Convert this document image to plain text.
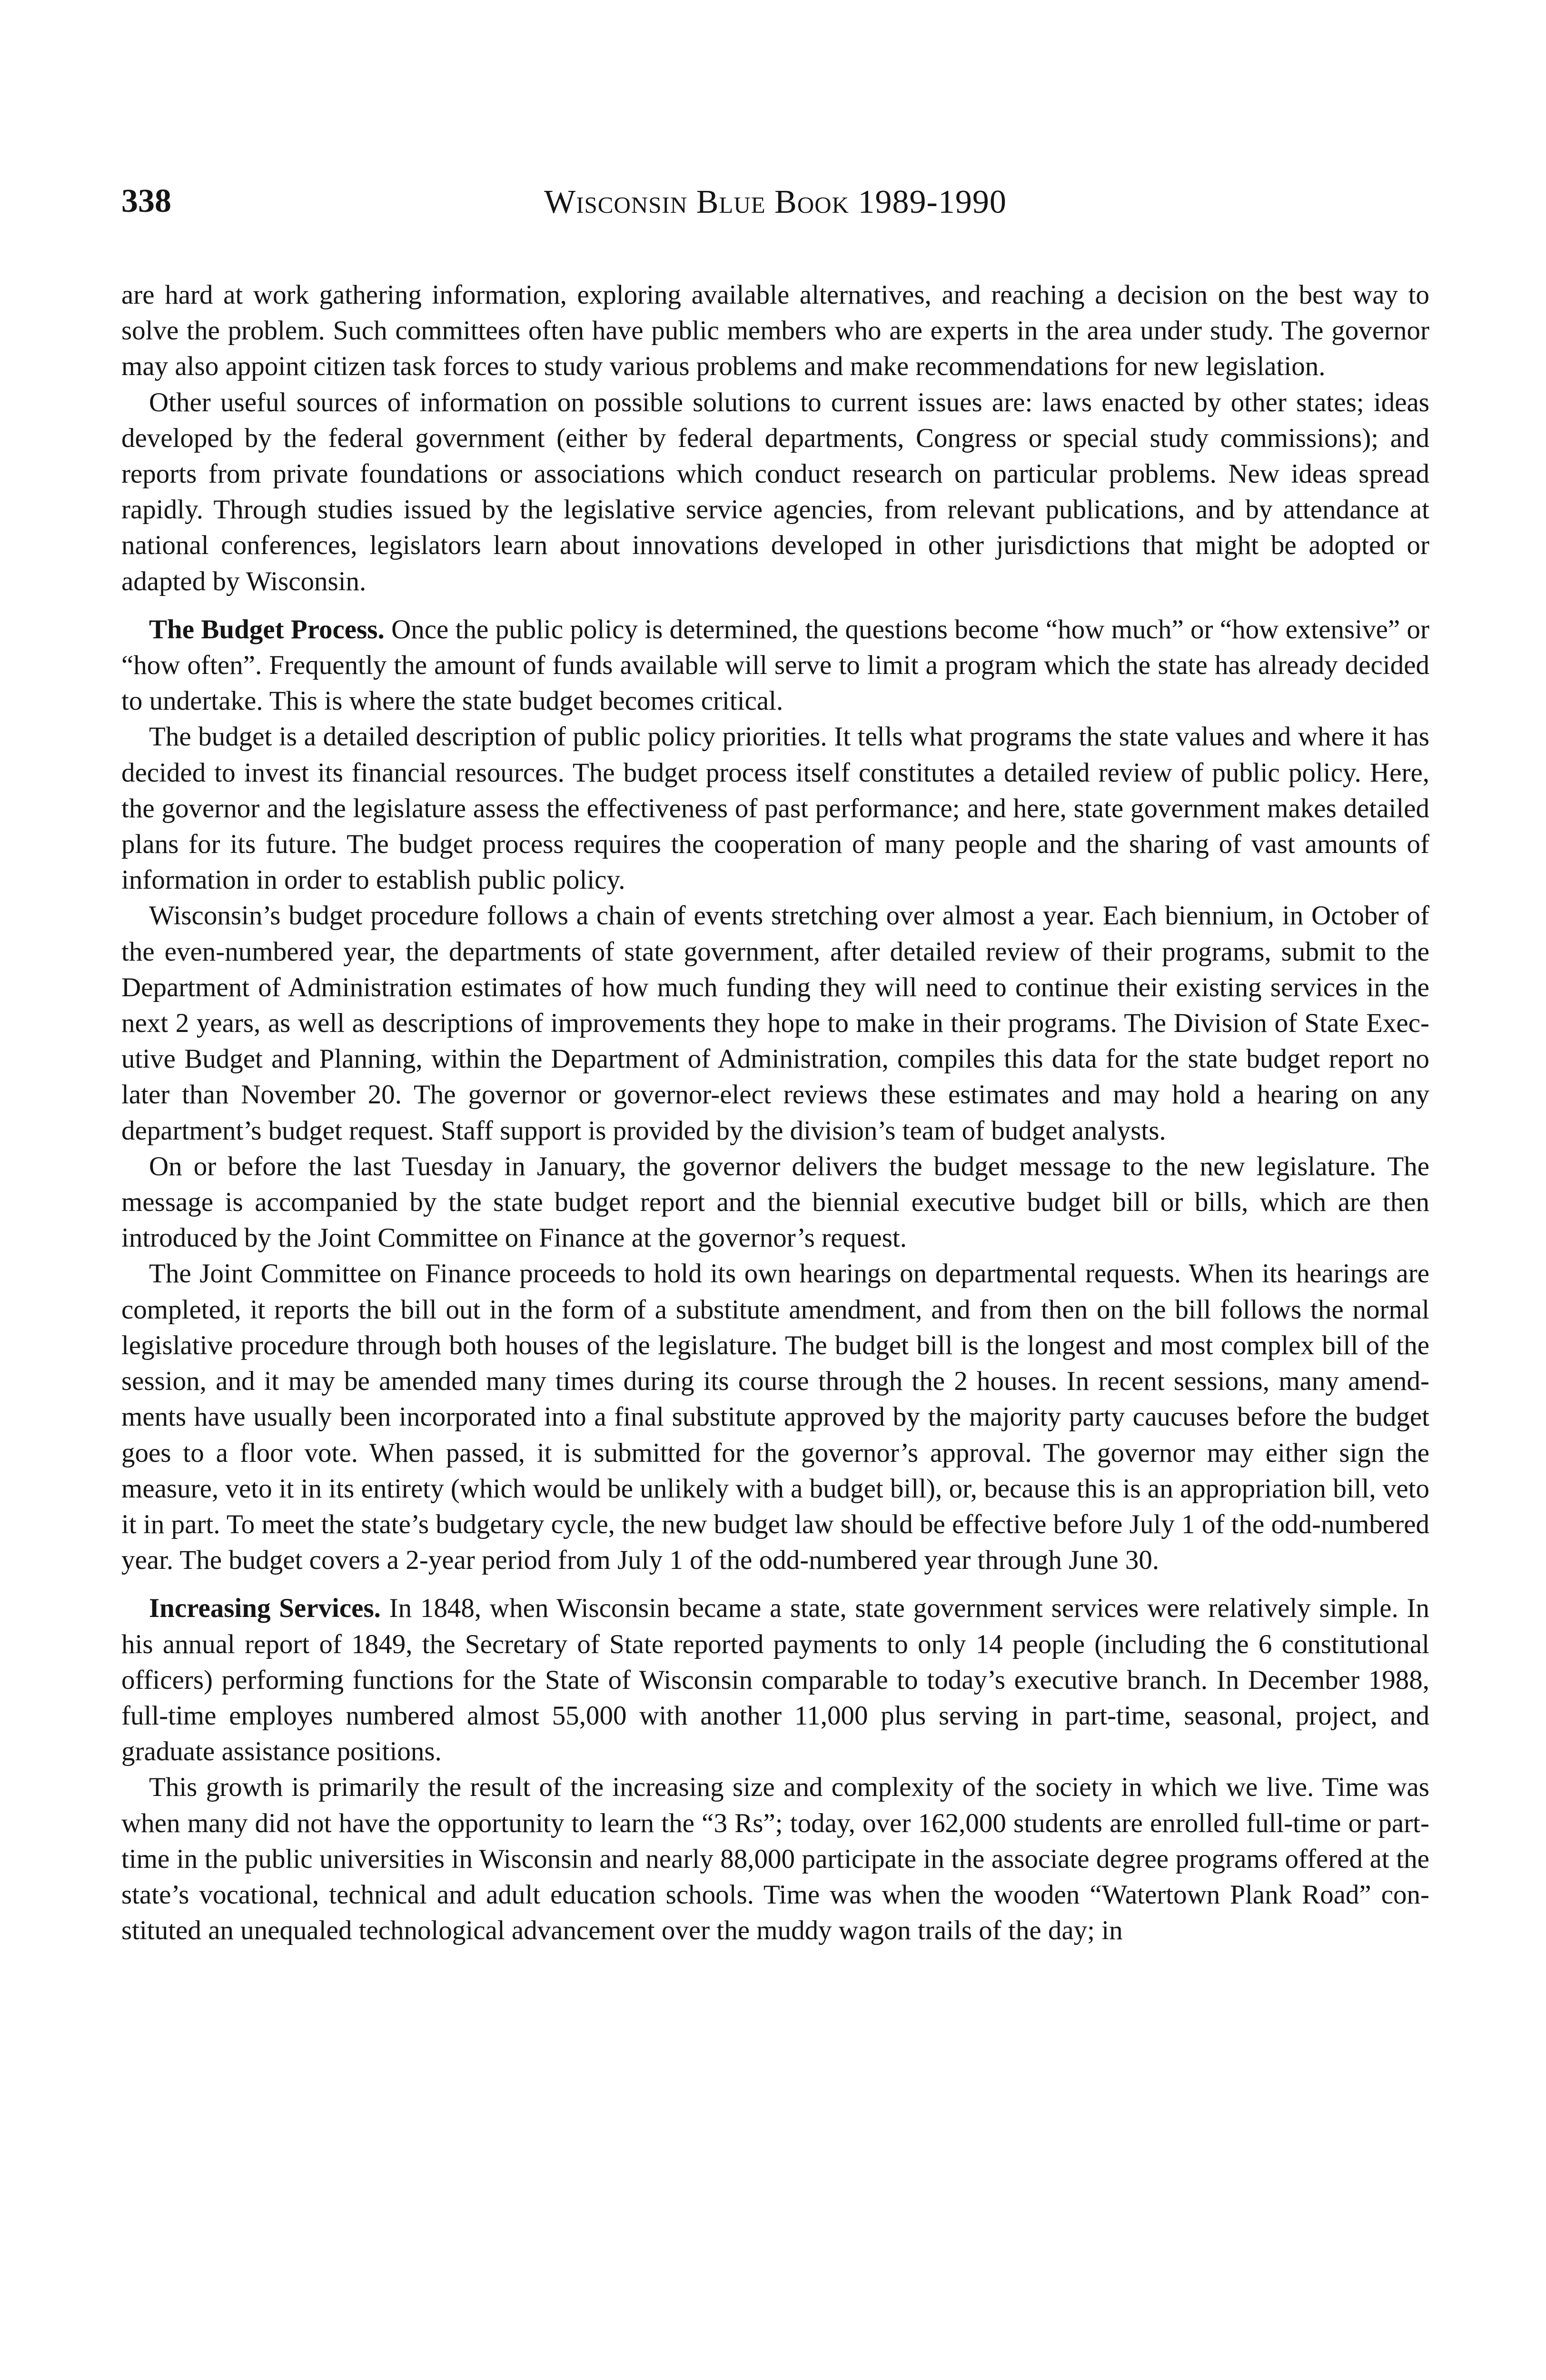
338	Wisconsin Blue Book 1989-1990

are hard at work gathering information, exploring available alternatives, and reaching a decision on the best way to solve the problem. Such committees often have public members who are experts in the area under study. The governor may also appoint citizen task forces to study various problems and make recommendations for new legislation.

Other useful sources of information on possible solutions to current issues are: laws enacted by other states; ideas developed by the federal government (either by federal departments, Congress or special study commissions); and reports from private foundations or associations which conduct research on particular problems. New ideas spread rapidly. Through studies issued by the legislative service agencies, from relevant publications, and by attendance at national conferences, legislators learn about innovations developed in other jurisdictions that might be adopted or adapted by Wisconsin.

The Budget Process. Once the public policy is determined, the questions become “how much” or “how extensive” or “how often”. Frequently the amount of funds available will serve to limit a program which the state has already decided to undertake. This is where the state budget becomes critical.

The budget is a detailed description of public policy priorities. It tells what programs the state values and where it has decided to invest its financial resources. The budget process itself constitutes a detailed review of public policy. Here, the governor and the legislature assess the effectiveness of past performance; and here, state government makes detailed plans for its future. The budget process requires the cooperation of many people and the sharing of vast amounts of information in order to establish public policy.

Wisconsin’s budget procedure follows a chain of events stretching over almost a year. Each biennium, in October of the even-numbered year, the departments of state government, after detailed review of their programs, submit to the Department of Administration estimates of how much funding they will need to continue their existing services in the next 2 years, as well as descriptions of improvements they hope to make in their programs. The Division of State Executive Budget and Planning, within the Department of Administration, compiles this data for the state budget report no later than November 20. The governor or governor-elect reviews these estimates and may hold a hearing on any department’s budget request. Staff support is provided by the division’s team of budget analysts.

On or before the last Tuesday in January, the governor delivers the budget message to the new legislature. The message is accompanied by the state budget report and the biennial executive budget bill or bills, which are then introduced by the Joint Committee on Finance at the governor’s request.

The Joint Committee on Finance proceeds to hold its own hearings on departmental requests. When its hearings are completed, it reports the bill out in the form of a substitute amendment, and from then on the bill follows the normal legislative procedure through both houses of the legislature. The budget bill is the longest and most complex bill of the session, and it may be amended many times during its course through the 2 houses. In recent sessions, many amendments have usually been incorporated into a final substitute approved by the majority party caucuses before the budget goes to a floor vote. When passed, it is submitted for the governor’s approval. The governor may either sign the measure, veto it in its entirety (which would be unlikely with a budget bill), or, because this is an appropriation bill, veto it in part. To meet the state’s budgetary cycle, the new budget law should be effective before July 1 of the odd-numbered year. The budget covers a 2-year period from July 1 of the odd-numbered year through June 30.

Increasing Services. In 1848, when Wisconsin became a state, state government services were relatively simple. In his annual report of 1849, the Secretary of State reported payments to only 14 people (including the 6 constitutional officers) performing functions for the State of Wisconsin comparable to today’s executive branch. In December 1988, full-time employes numbered almost 55,000 with another 11,000 plus serving in part-time, seasonal, project, and graduate assistance positions.

This growth is primarily the result of the increasing size and complexity of the society in which we live. Time was when many did not have the opportunity to learn the “3 Rs”; today, over 162,000 students are enrolled full-time or part-time in the public universities in Wisconsin and nearly 88,000 participate in the associate degree programs offered at the state’s vocational, technical and adult education schools. Time was when the wooden “Watertown Plank Road” constituted an unequaled technological advancement over the muddy wagon trails of the day; in
